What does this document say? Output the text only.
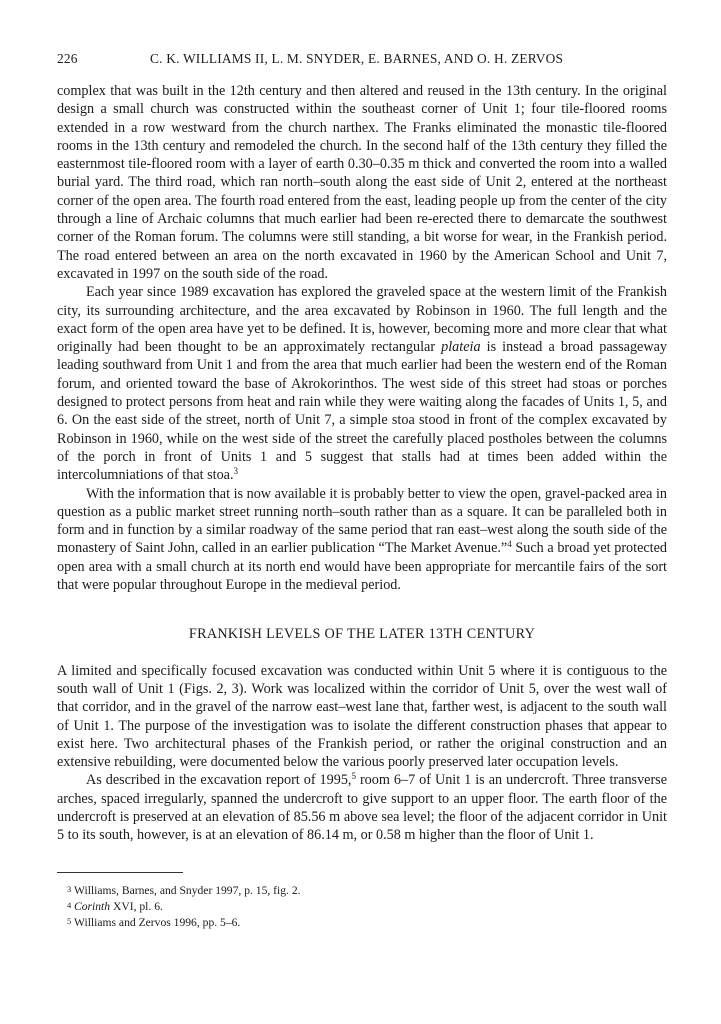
226	C. K. WILLIAMS II, L. M. SNYDER, E. BARNES, AND O. H. ZERVOS

complex that was built in the 12th century and then altered and reused in the 13th century. In the original design a small church was constructed within the southeast corner of Unit 1; four tile-floored rooms extended in a row westward from the church narthex. The Franks eliminated the monastic tile-floored rooms in the 13th century and remodeled the church. In the second half of the 13th century they filled the easternmost tile-floored room with a layer of earth 0.30–0.35 m thick and converted the room into a walled burial yard. The third road, which ran north–south along the east side of Unit 2, entered at the northeast corner of the open area. The fourth road entered from the east, leading people up from the center of the city through a line of Archaic columns that much earlier had been re-erected there to demarcate the southwest corner of the Roman forum. The columns were still standing, a bit worse for wear, in the Frankish period. The road entered between an area on the north excavated in 1960 by the American School and Unit 7, excavated in 1997 on the south side of the road.

Each year since 1989 excavation has explored the graveled space at the western limit of the Frankish city, its surrounding architecture, and the area excavated by Robinson in 1960. The full length and the exact form of the open area have yet to be defined. It is, however, becoming more and more clear that what originally had been thought to be an approximately rectangular plateia is instead a broad passageway leading southward from Unit 1 and from the area that much earlier had been the western end of the Roman forum, and oriented toward the base of Akrokorinthos. The west side of this street had stoas or porches designed to protect persons from heat and rain while they were waiting along the facades of Units 1, 5, and 6. On the east side of the street, north of Unit 7, a simple stoa stood in front of the complex excavated by Robinson in 1960, while on the west side of the street the carefully placed postholes between the columns of the porch in front of Units 1 and 5 suggest that stalls had at times been added within the intercolumniations of that stoa.$^3$

With the information that is now available it is probably better to view the open, gravel-packed area in question as a public market street running north–south rather than as a square. It can be paralleled both in form and in function by a similar roadway of the same period that ran east–west along the south side of the monastery of Saint John, called in an earlier publication “The Market Avenue.”$^4$ Such a broad yet protected open area with a small church at its north end would have been appropriate for mercantile fairs of the sort that were popular throughout Europe in the medieval period.

FRANKISH LEVELS OF THE LATER 13TH CENTURY

A limited and specifically focused excavation was conducted within Unit 5 where it is contiguous to the south wall of Unit 1 (Figs. 2, 3). Work was localized within the corridor of Unit 5, over the west wall of that corridor, and in the gravel of the narrow east–west lane that, farther west, is adjacent to the south wall of Unit 1. The purpose of the investigation was to isolate the different construction phases that appear to exist here. Two architectural phases of the Frankish period, or rather the original construction and an extensive rebuilding, were documented below the various poorly preserved later occupation levels.

As described in the excavation report of 1995,$^5$ room 6–7 of Unit 1 is an undercroft. Three transverse arches, spaced irregularly, spanned the undercroft to give support to an upper floor. The earth floor of the undercroft is preserved at an elevation of 85.56 m above sea level; the floor of the adjacent corridor in Unit 5 to its south, however, is at an elevation of 86.14 m, or 0.58 m higher than the floor of Unit 1.

3 Williams, Barnes, and Snyder 1997, p. 15, fig. 2.
4 Corinth XVI, pl. 6.
5 Williams and Zervos 1996, pp. 5–6.
